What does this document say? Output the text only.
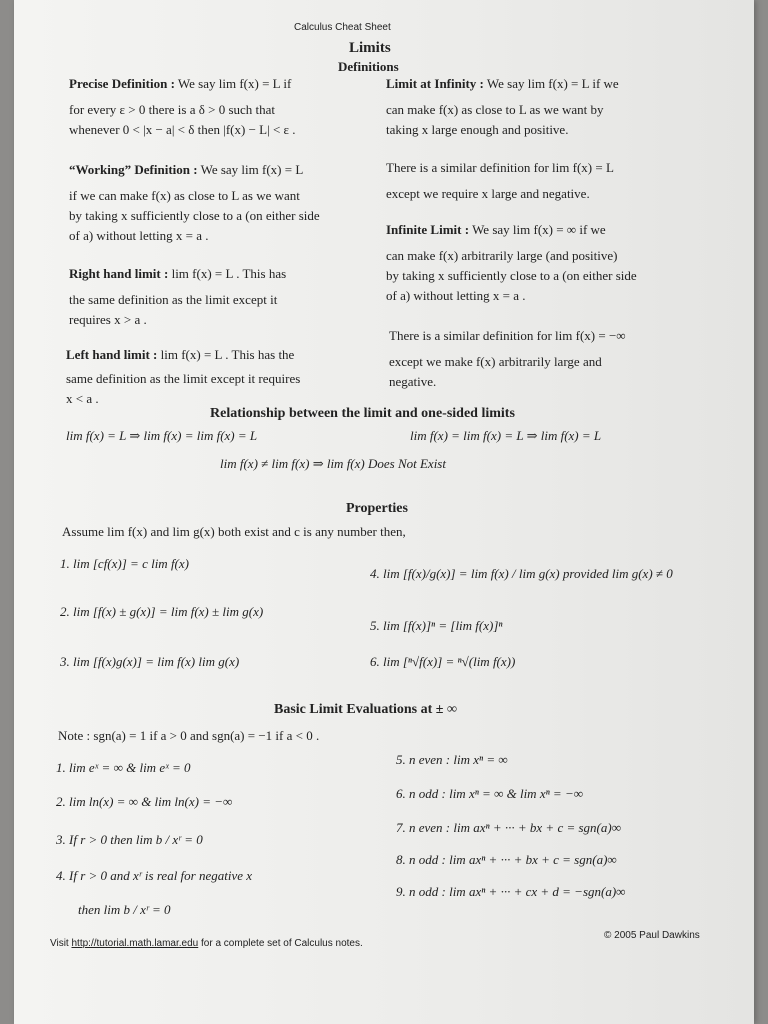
Calculus Cheat Sheet
Limits
Definitions
Precise Definition : We say lim f(x) = L if
for every ε > 0 there is a δ > 0 such that
whenever 0 < |x − a| < δ then |f(x) − L| < ε .
“Working” Definition : We say lim f(x) = L
if we can make f(x) as close to L as we want
by taking x sufficiently close to a (on either side
of a) without letting x = a .
Right hand limit : lim f(x) = L . This has
the same definition as the limit except it
requires x > a .
Left hand limit : lim f(x) = L . This has the
same definition as the limit except it requires
x < a .
Limit at Infinity : We say lim f(x) = L if we
can make f(x) as close to L as we want by
taking x large enough and positive.
There is a similar definition for lim f(x) = L
except we require x large and negative.
Infinite Limit : We say lim f(x) = ∞ if we
can make f(x) arbitrarily large (and positive)
by taking x sufficiently close to a (on either side
of a) without letting x = a .
There is a similar definition for lim f(x) = −∞
except we make f(x) arbitrarily large and
negative.
Relationship between the limit and one-sided limits
lim f(x) = L ⇒ lim f(x) = lim f(x) = L	lim f(x) = lim f(x) = L ⇒ lim f(x) = L
lim f(x) ≠ lim f(x) ⇒ lim f(x) Does Not Exist
Properties
Assume lim f(x) and lim g(x) both exist and c is any number then,
1. lim [cf(x)] = c lim f(x)
2. lim [f(x) ± g(x)] = lim f(x) ± lim g(x)
3. lim [f(x)g(x)] = lim f(x) lim g(x)
4. lim [f(x)/g(x)] = lim f(x) / lim g(x) provided lim g(x) ≠ 0
5. lim [f(x)]ⁿ = [lim f(x)]ⁿ
6. lim [ⁿ√f(x)] = ⁿ√(lim f(x))
Basic Limit Evaluations at ± ∞
Note : sgn(a) = 1 if a > 0 and sgn(a) = −1 if a < 0 .
1. lim eˣ = ∞ & lim eˣ = 0
2. lim ln(x) = ∞ & lim ln(x) = −∞
3. If r > 0 then lim b / xʳ = 0
4. If r > 0 and xʳ is real for negative x
then lim b / xʳ = 0
5. n even : lim xⁿ = ∞
6. n odd : lim xⁿ = ∞ & lim xⁿ = −∞
7. n even : lim axⁿ + ··· + bx + c = sgn(a)∞
8. n odd : lim axⁿ + ··· + bx + c = sgn(a)∞
9. n odd : lim axⁿ + ··· + cx + d = −sgn(a)∞
Visit http://tutorial.math.lamar.edu for a complete set of Calculus notes.
© 2005 Paul Dawkins
